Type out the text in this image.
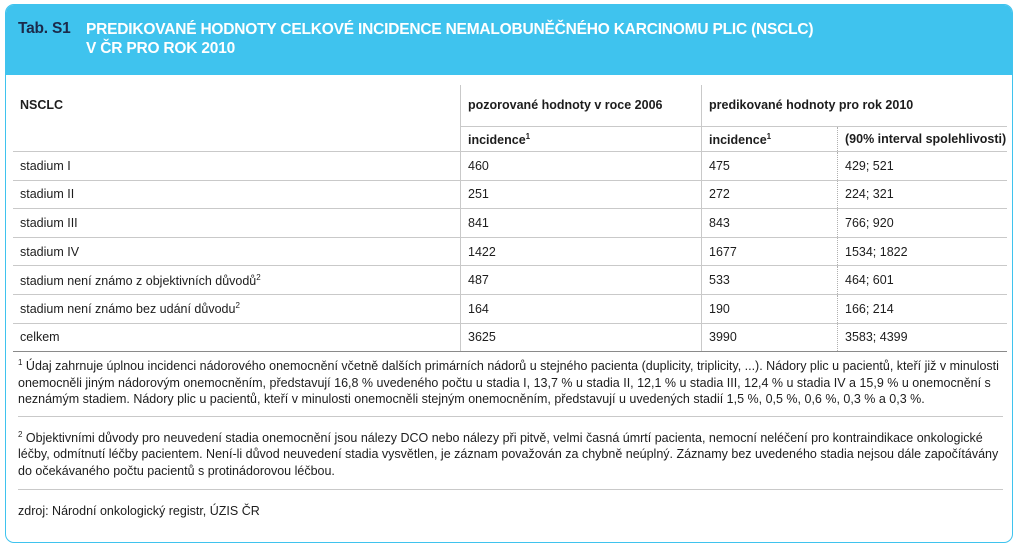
Tab. S1 PREDIKOVANÉ HODNOTY CELKOVÉ INCIDENCE NEMALOBUNĚČNÉHO KARCINOMU PLIC (NSCLC)
V ČR PRO ROK 2010
NSCLC	pozorované hodnoty v roce 2006	predikované hodnoty pro rok 2010	
	incidence$^1$	incidence$^1$	(90% interval spolehlivosti)
stadium I	460	475	429; 521
stadium II	251	272	224; 321
stadium III	841	843	766; 920
stadium IV	1422	1677	1534; 1822
stadium není známo z objektivních důvodů$^2$	487	533	464; 601
stadium není známo bez udání důvodu$^2$	164	190	166; 214
celkem	3625	3990	3583; 4399

$^1$ Údaj zahrnuje úplnou incidenci nádorového onemocnění včetně dalších primárních nádorů u stejného pacienta (duplicity, triplicity, ...). Nádory plic u pacientů, kteří již v minulosti onemocněli jiným nádorovým onemocněním, představují 16,8 % uvedeného počtu u stadia I, 13,7 % u stadia II, 12,1 % u stadia III, 12,4 % u stadia IV a 15,9 % u onemocnění s neznámým stadiem. Nádory plic u pacientů, kteří v minulosti onemocněli stejným onemocněním, představují u uvedených stadií 1,5 %, 0,5 %, 0,6 %, 0,3 % a 0,3 %.

$^2$ Objektivními důvody pro neuvedení stadia onemocnění jsou nálezy DCO nebo nálezy při pitvě, velmi časná úmrtí pacienta, nemocní neléčení pro kontraindikace onkologické léčby, odmítnutí léčby pacientem. Není-li důvod neuvedení stadia vysvětlen, je záznam považován za chybně neúplný. Záznamy bez uvedeného stadia nejsou dále započítávány do očekávaného počtu pacientů s protinádorovou léčbou.

zdroj: Národní onkologický registr, ÚZIS ČR
